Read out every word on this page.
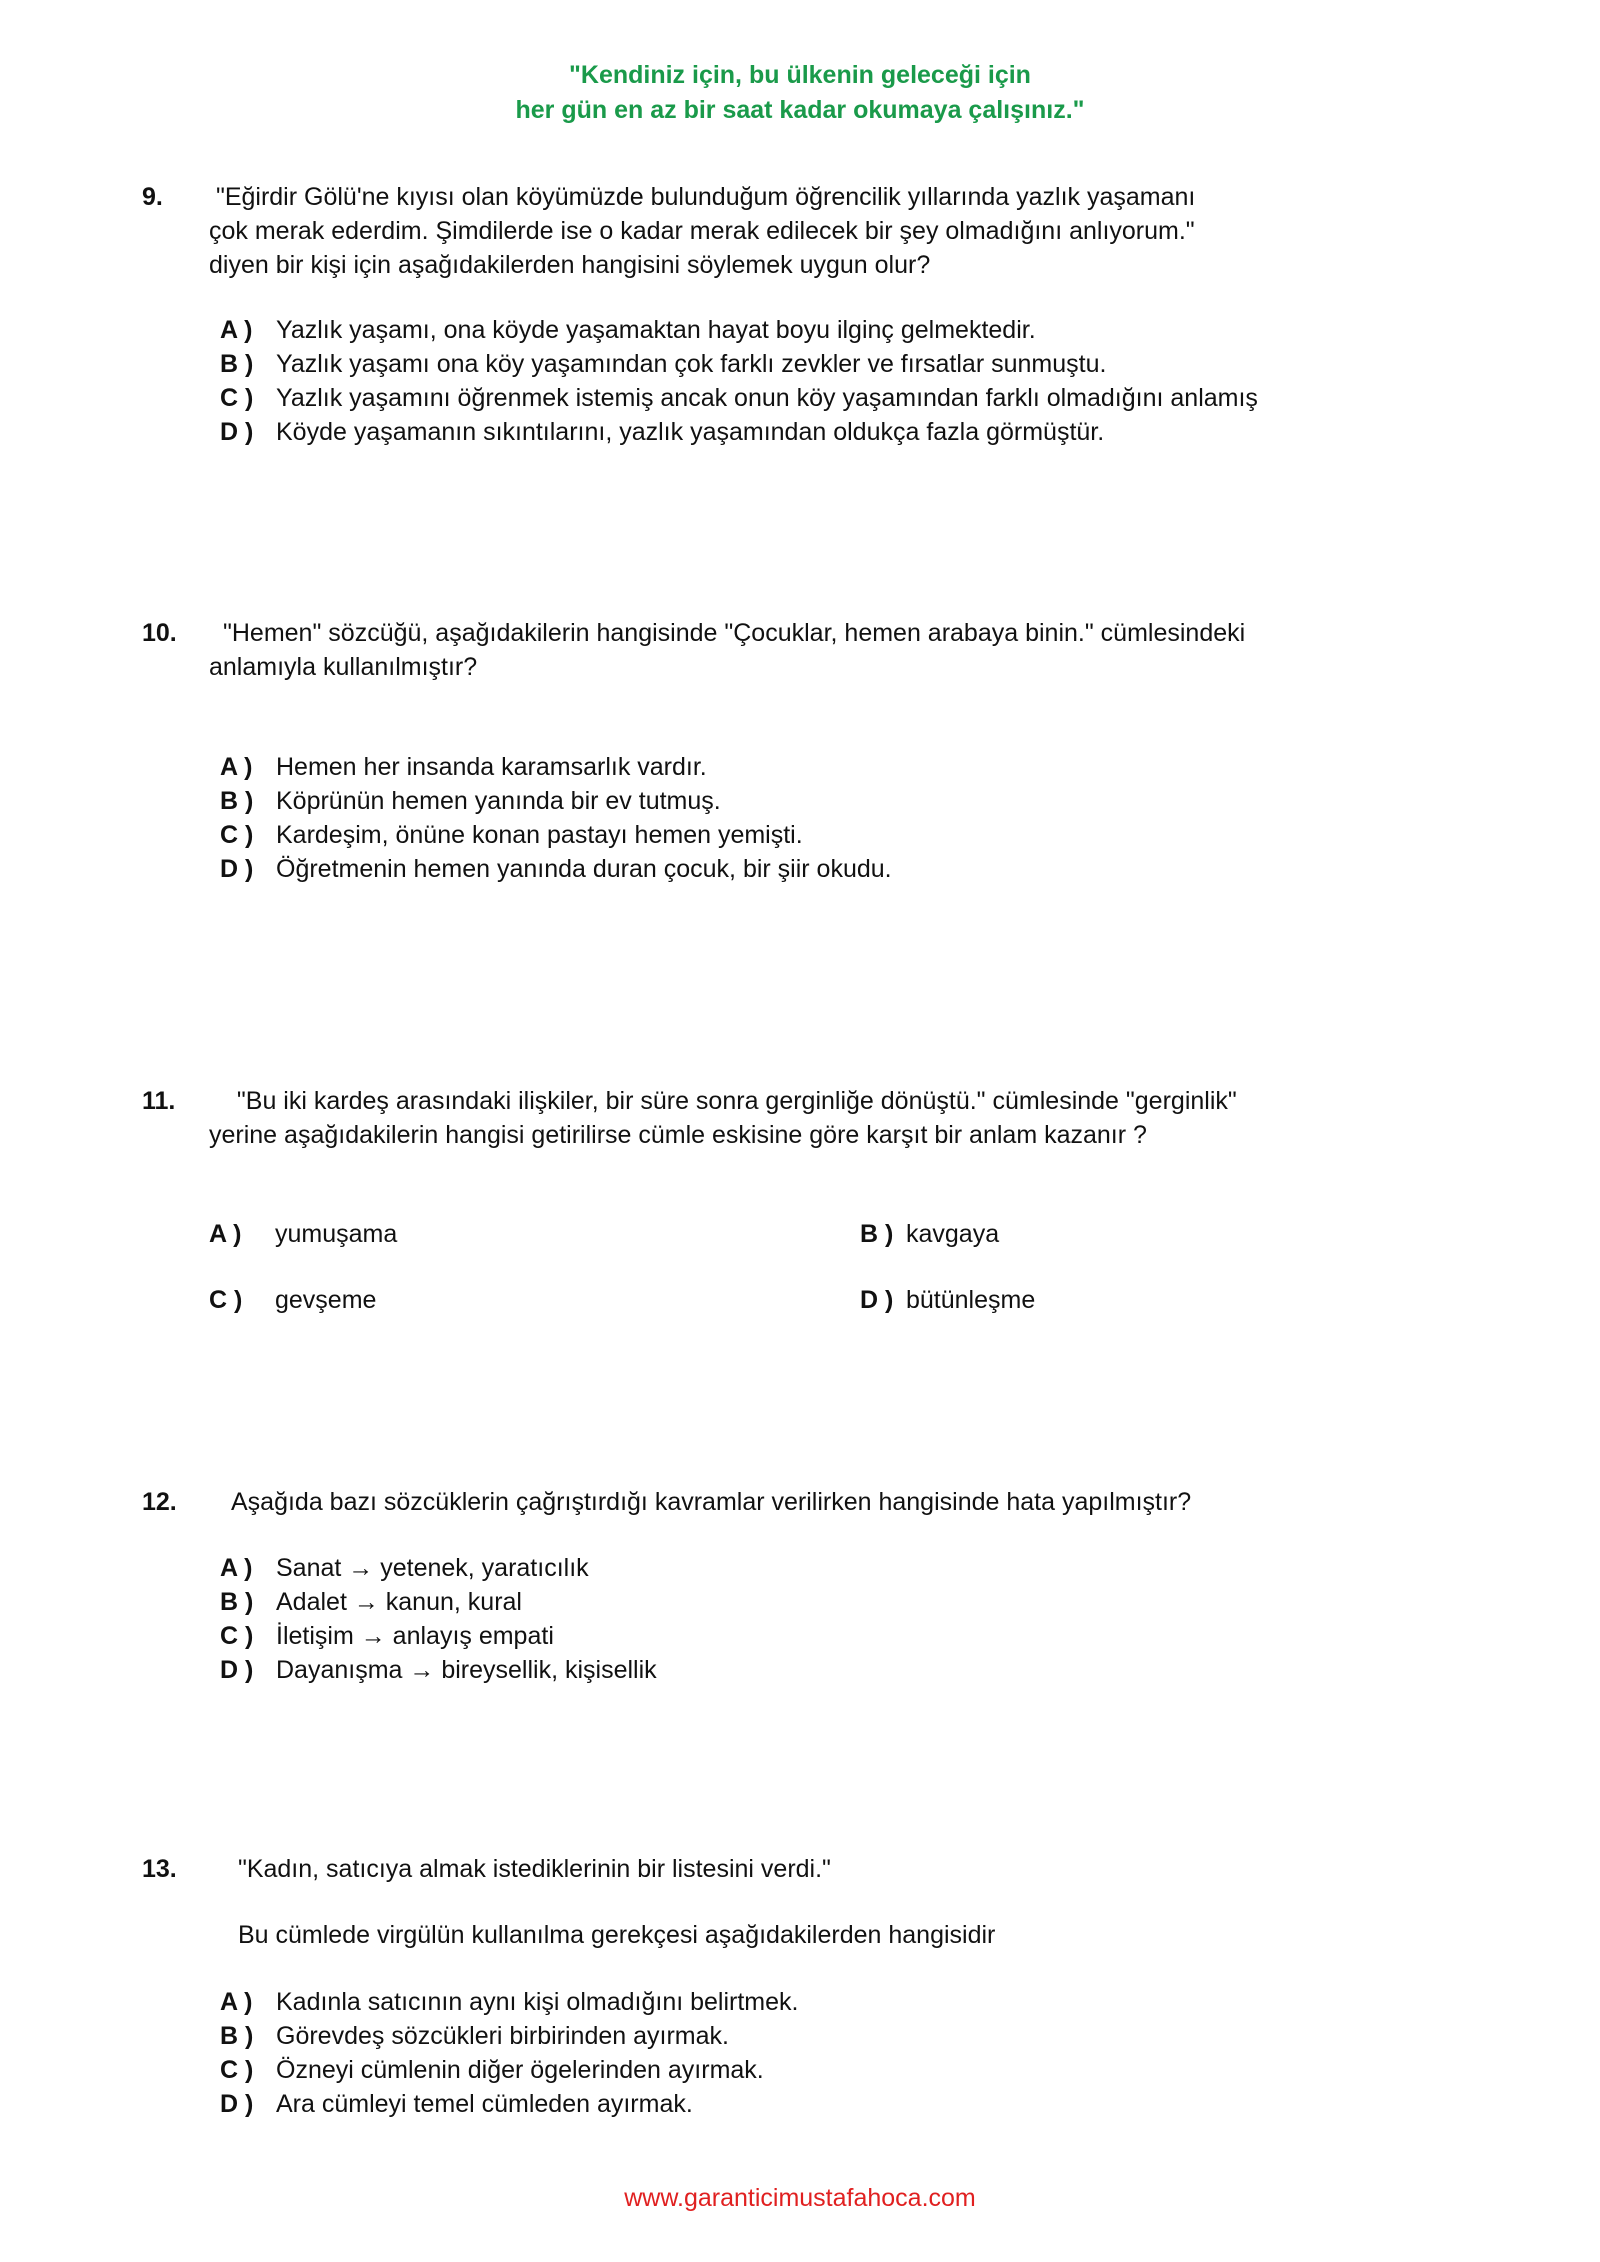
"Kendiniz için, bu ülkenin geleceği için
her gün en az bir saat kadar okumaya çalışınız."
9. "Eğirdir Gölü'ne kıyısı olan köyümüzde bulunduğum öğrencilik yıllarında yazlık yaşamanı
çok merak ederdim. Şimdilerde ise o kadar merak edilecek bir şey olmadığını anlıyorum."
diyen bir kişi için aşağıdakilerden hangisini söylemek uygun olur?
A ) Yazlık yaşamı, ona köyde yaşamaktan hayat boyu ilginç gelmektedir.
B ) Yazlık yaşamı ona köy yaşamından çok farklı zevkler ve fırsatlar sunmuştu.
C ) Yazlık yaşamını öğrenmek istemiş ancak onun köy yaşamından farklı olmadığını anlamış
D ) Köyde yaşamanın sıkıntılarını, yazlık yaşamından oldukça fazla görmüştür.
10.	"Hemen" sözcüğü, aşağıdakilerin hangisinde "Çocuklar, hemen arabaya binin." cümlesindeki
anlamıyla kullanılmıştır?
A ) Hemen her insanda karamsarlık vardır.
B ) Köprünün hemen yanında bir ev tutmuş.
C ) Kardeşim, önüne konan pastayı hemen yemişti.
D ) Öğretmenin hemen yanında duran çocuk, bir şiir okudu.
11.	"Bu iki kardeş arasındaki ilişkiler, bir süre sonra gerginliğe dönüştü." cümlesinde "gerginlik"
yerine aşağıdakilerin hangisi getirilirse cümle eskisine göre karşıt bir anlam kazanır ?
A ) yumuşama	B ) kavgaya
C ) gevşeme	D ) bütünleşme
12. Aşağıda bazı sözcüklerin çağrıştırdığı kavramlar verilirken hangisinde hata yapılmıştır?
A ) Sanat → yetenek, yaratıcılık
B ) Adalet → kanun, kural
C ) İletişim → anlayış empati
D ) Dayanışma → bireysellik, kişisellik
13. "Kadın, satıcıya almak istediklerinin bir listesini verdi."
Bu cümlede virgülün kullanılma gerekçesi aşağıdakilerden hangisidir
A ) Kadınla satıcının aynı kişi olmadığını belirtmek.
B ) Görevdeş sözcükleri birbirinden ayırmak.
C ) Özneyi cümlenin diğer ögelerinden ayırmak.
D ) Ara cümleyi temel cümleden ayırmak.
www.garanticimustafahoca.com
